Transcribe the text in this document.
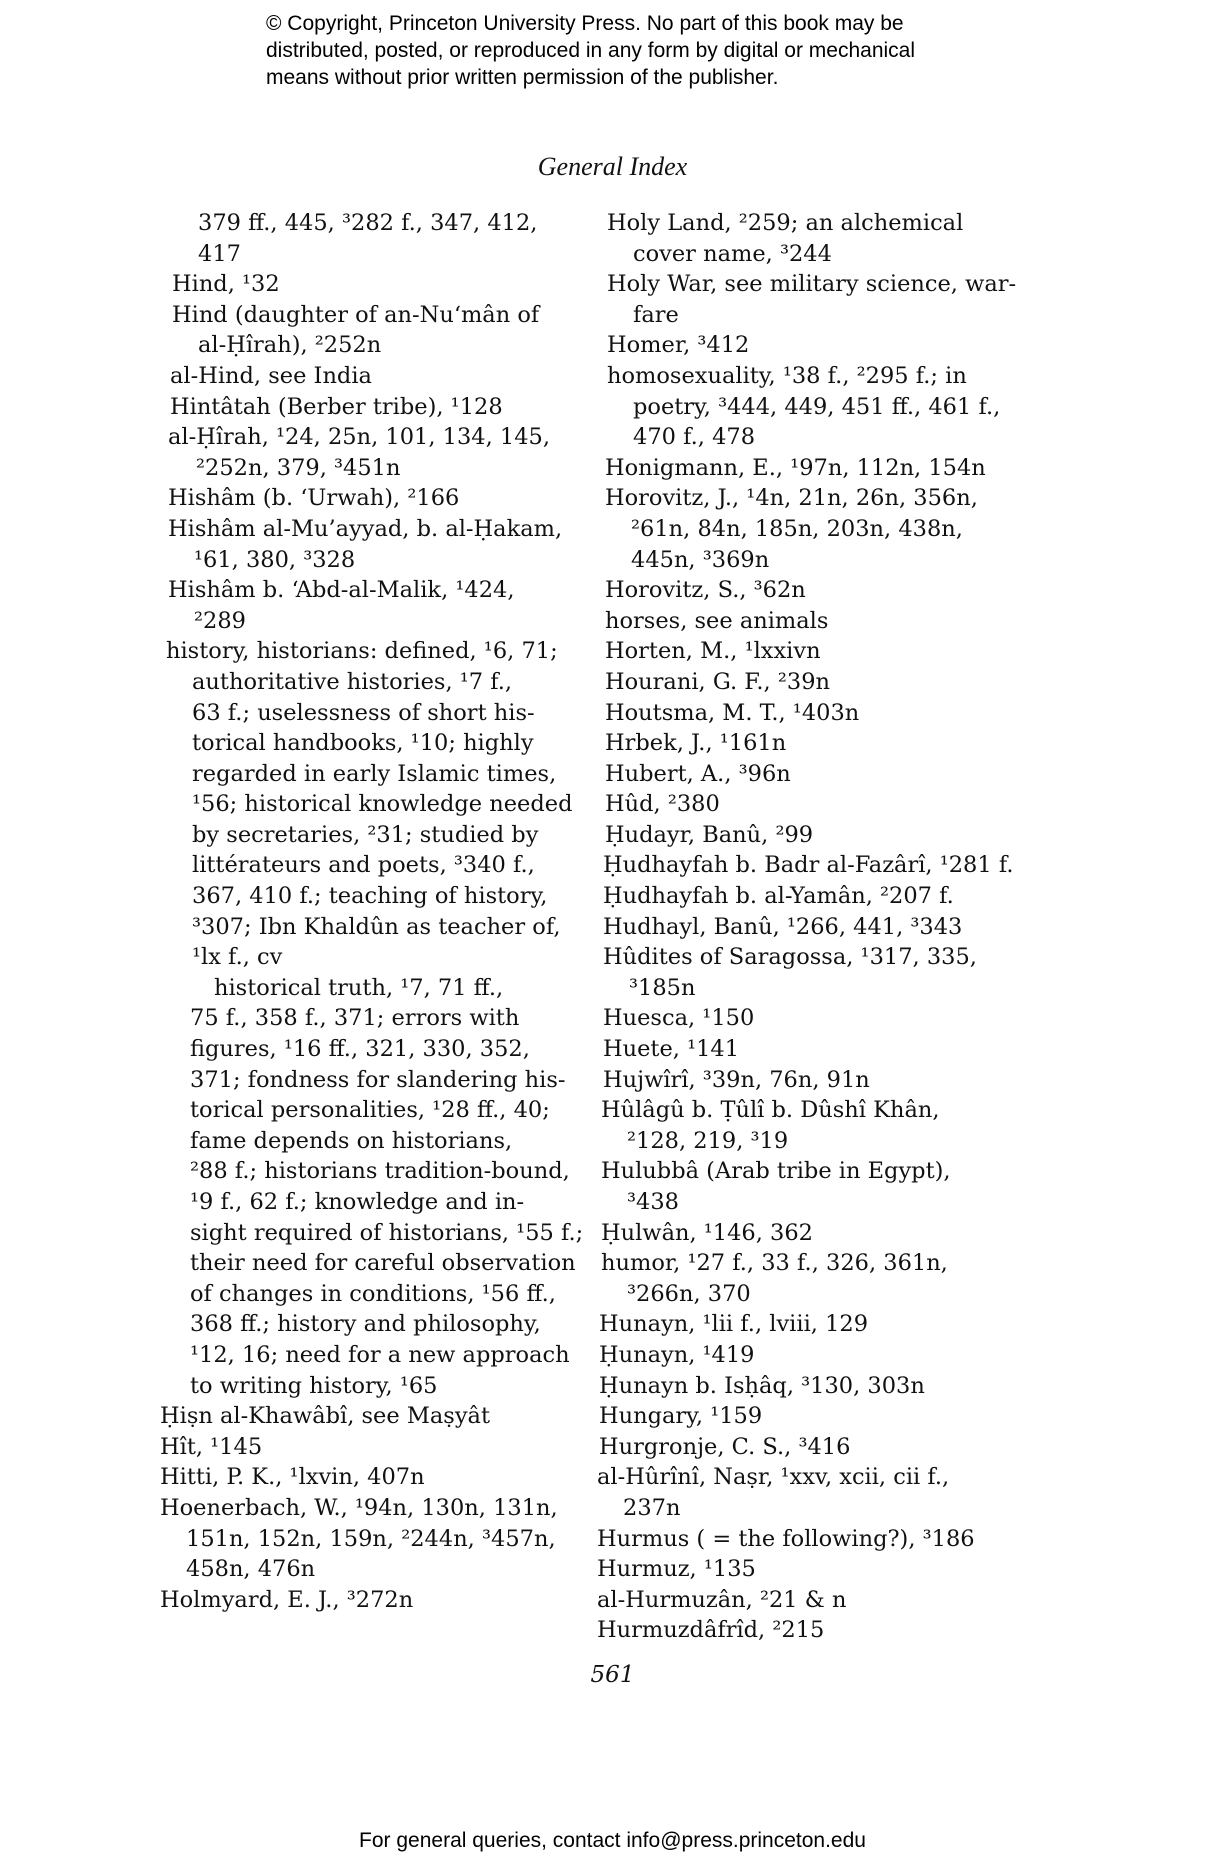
© Copyright, Princeton University Press. No part of this book may be
distributed, posted, or reproduced in any form by digital or mechanical
means without prior written permission of the publisher.
General Index
379 ff., 445, ³282 f., 347, 412,
417
Hind, ¹32
Hind (daughter of an-Nu‘mân of
al-Ḥîrah), ²252n
al-Hind, see India
Hintâtah (Berber tribe), ¹128
al-Ḥîrah, ¹24, 25n, 101, 134, 145,
²252n, 379, ³451n
Hishâm (b. ‘Urwah), ²166
Hishâm al-Mu’ayyad, b. al-Ḥakam,
¹61, 380, ³328
Hishâm b. ‘Abd-al-Malik, ¹424,
²289
history, historians: defined, ¹6, 71;
authoritative histories, ¹7 f.,
63 f.; uselessness of short his-
torical handbooks, ¹10; highly
regarded in early Islamic times,
¹56; historical knowledge needed
by secretaries, ²31; studied by
littérateurs and poets, ³340 f.,
367, 410 f.; teaching of history,
³307; Ibn Khaldûn as teacher of,
¹lx f., cv
historical truth, ¹7, 71 ff.,
75 f., 358 f., 371; errors with
figures, ¹16 ff., 321, 330, 352,
371; fondness for slandering his-
torical personalities, ¹28 ff., 40;
fame depends on historians,
²88 f.; historians tradition-bound,
¹9 f., 62 f.; knowledge and in-
sight required of historians, ¹55 f.;
their need for careful observation
of changes in conditions, ¹56 ff.,
368 ff.; history and philosophy,
¹12, 16; need for a new approach
to writing history, ¹65
Ḥiṣn al-Khawâbî, see Maṣyât
Hît, ¹145
Hitti, P. K., ¹lxvin, 407n
Hoenerbach, W., ¹94n, 130n, 131n,
151n, 152n, 159n, ²244n, ³457n,
458n, 476n
Holmyard, E. J., ³272n
Holy Land, ²259; an alchemical
cover name, ³244
Holy War, see military science, war-
fare
Homer, ³412
homosexuality, ¹38 f., ²295 f.; in
poetry, ³444, 449, 451 ff., 461 f.,
470 f., 478
Honigmann, E., ¹97n, 112n, 154n
Horovitz, J., ¹4n, 21n, 26n, 356n,
²61n, 84n, 185n, 203n, 438n,
445n, ³369n
Horovitz, S., ³62n
horses, see animals
Horten, M., ¹lxxivn
Hourani, G. F., ²39n
Houtsma, M. T., ¹403n
Hrbek, J., ¹161n
Hubert, A., ³96n
Hûd, ²380
Ḥudayr, Banû, ²99
Ḥudhayfah b. Badr al-Fazârî, ¹281 f.
Ḥudhayfah b. al-Yamân, ²207 f.
Hudhayl, Banû, ¹266, 441, ³343
Hûdites of Saragossa, ¹317, 335,
³185n
Huesca, ¹150
Huete, ¹141
Hujwîrî, ³39n, 76n, 91n
Hûlâgû b. Ṭûlî b. Dûshî Khân,
²128, 219, ³19
Hulubbâ (Arab tribe in Egypt),
³438
Ḥulwân, ¹146, 362
humor, ¹27 f., 33 f., 326, 361n,
³266n, 370
Hunayn, ¹lii f., lviii, 129
Ḥunayn, ¹419
Ḥunayn b. Isḥâq, ³130, 303n
Hungary, ¹159
Hurgronje, C. S., ³416
al-Hûrînî, Naṣr, ¹xxv, xcii, cii f.,
237n
Hurmus ( = the following?), ³186
Hurmuz, ¹135
al-Hurmuzân, ²21 & n
Hurmuzdâfrîd, ²215
561
For general queries, contact info@press.princeton.edu
